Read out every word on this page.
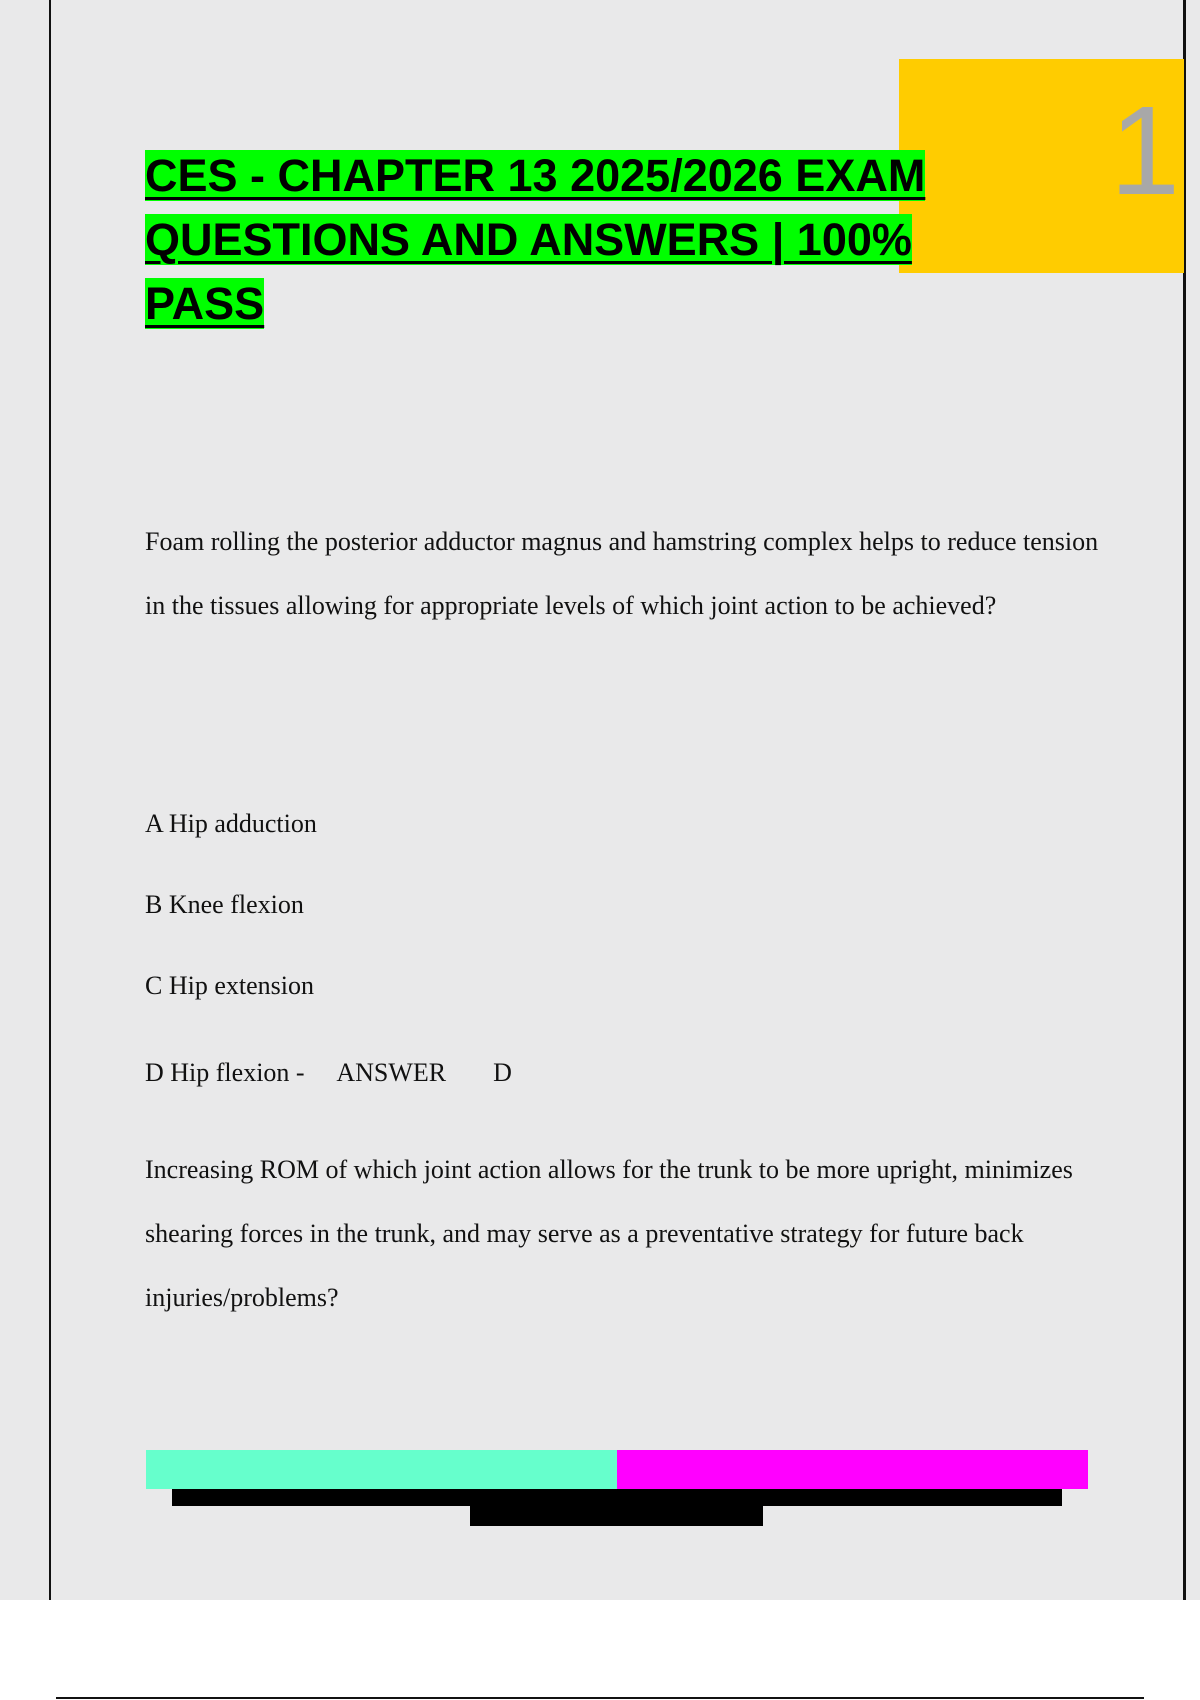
1
CES - CHAPTER 13 2025/2026 EXAM
QUESTIONS AND ANSWERS | 100%
PASS

Foam rolling the posterior adductor magnus and hamstring complex helps to reduce tension in the tissues allowing for appropriate levels of which joint action to be achieved?

A Hip adduction
B Knee flexion
C Hip extension
D Hip flexion -   ANSWER ✓✓D

Increasing ROM of which joint action allows for the trunk to be more upright, minimizes shearing forces in the trunk, and may serve as a preventative strategy for future back injuries/problems?
